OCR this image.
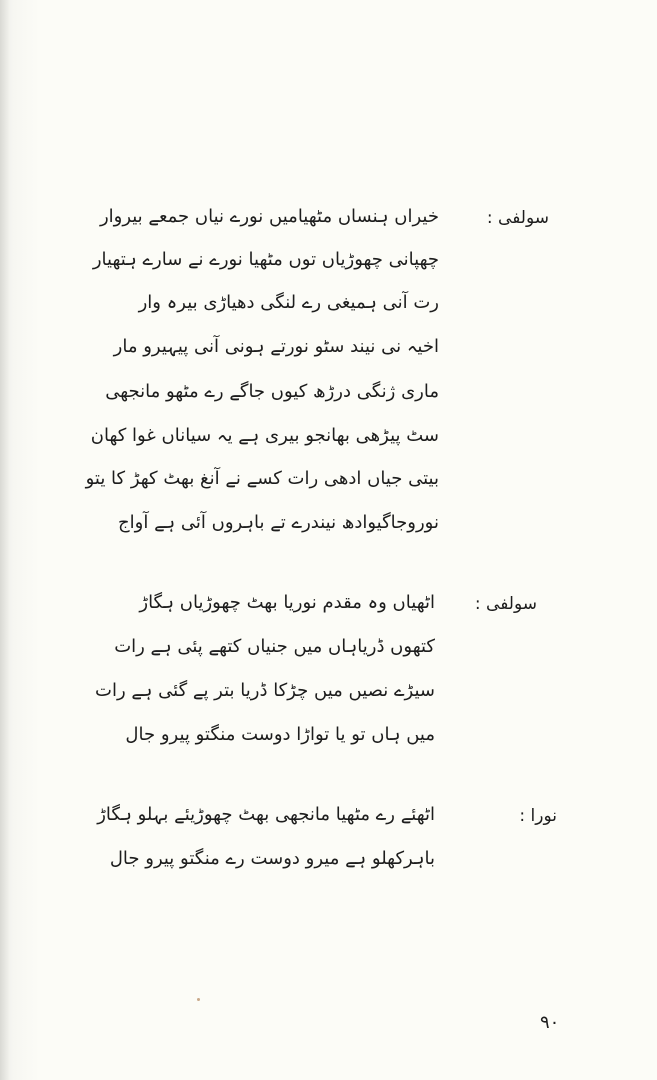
سولفی :
خیراں ہنساں مٹھیامیں نورے نیاں جمعے بیروار
چھپانی چھوڑیاں توں مٹھیا نورے نے سارے ہتھیار
رت آنی ہمیغی رے لنگی دھیاڑی بیرہ وار
اخیہ نی نیند سٹو نورتے ہونی آنی پیہیرو مار
ماری ژنگی درڑھ کیوں جاگے رے مٹھو مانجھی
سٹ پیڑھی بھانجو بیری ہے یہ سیاناں غوا کھان
بیتی جیاں ادھی رات کسے نے آنغ بھٹ کھڑ کا یتو
نوروجاگیوادھ نیندرے تے باہروں آئی ہے آواج
سولفی :
اٹھیاں وہ مقدم نوریا بھٹ چھوڑیاں ہگاڑ
کتھوں ڈریاہاں میں جنیاں کتھے پئی ہے رات
سیڑے نصیں میں چڑکا ڈریا بتر پے گئی ہے رات
میں ہاں تو یا تواڑا دوست منگتو پیرو جال
نورا :
اٹھئے رے مٹھیا مانجھی بھٹ چھوڑیئے بہلو ہگاڑ
باہرکھلو ہے میرو دوست رے منگتو پیرو جال
۹۰
